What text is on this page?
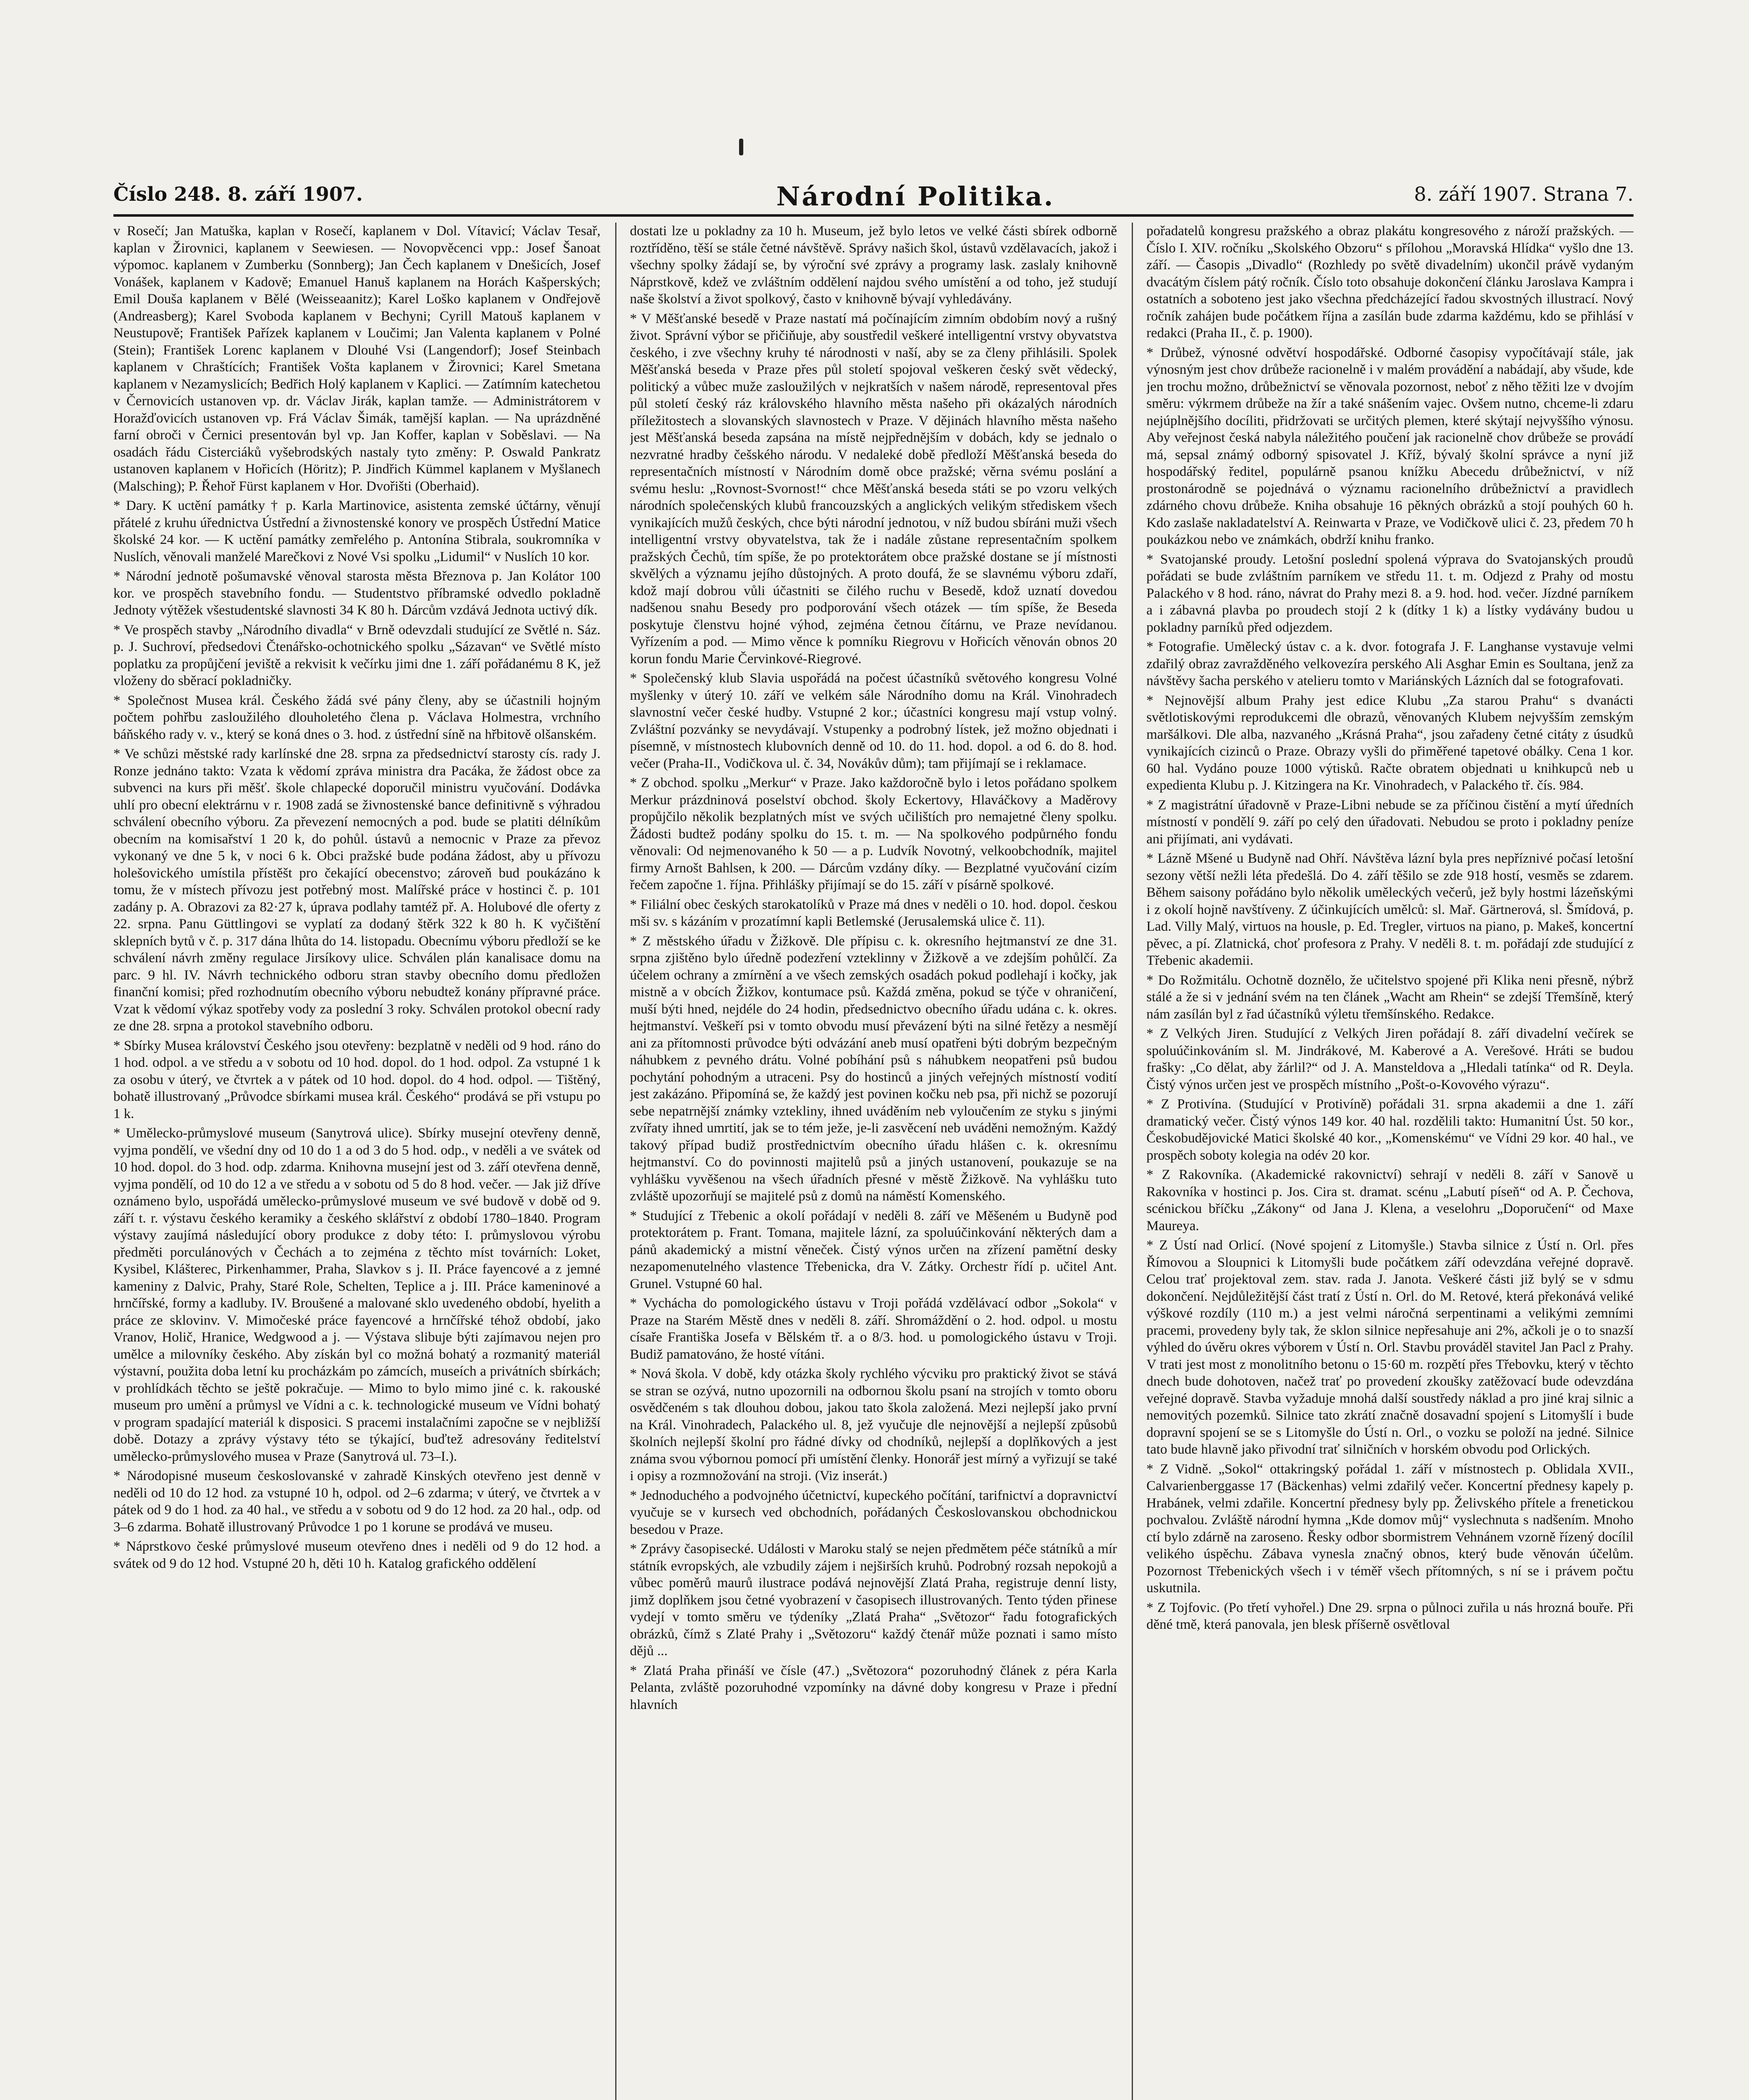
Číslo 248. 8. září 1907.	Národní Politika.	8. září 1907. Strana 7.

v Rosečí; Jan Matuška, kaplan v Rosečí, kaplanem v Dol. Vítavicí; Václav Tesař, kaplan v Žirovnici, kaplanem v Seewiesen. — Novopvěcenci vpp.: Josef Šanoat výpomoc. kaplanem v Zumberku (Sonnberg); Jan Čech kaplanem v Dnešicích, Josef Vonášek, kaplanem v Kadově; Emanuel Hanuš kaplanem na Horách Kašperských; Emil Douša kaplanem v Bělé (Weisseaanitz); Karel Loško kaplanem v Ondřejově (Andreasberg); Karel Svoboda kaplanem v Bechyni; Cyrill Matouš kaplanem v Neustupově; František Pařízek kaplanem v Loučimi; Jan Valenta kaplanem v Polné (Stein); František Lorenc kaplanem v Dlouhé Vsi (Langendorf); Josef Steinbach kaplanem v Chraštících; František Vošta kaplanem v Žirovnici; Karel Smetana kaplanem v Nezamyslicích; Bedřich Holý kaplanem v Kaplici. — Zatímním katechetou v Černovicích ustanoven vp. dr. Václav Jirák, kaplan tamže. — Administrátorem v Horažďovicích ustanoven vp. Frá Václav Šimák, tamější kaplan. — Na uprázdněné farní obroči v Černici presentován byl vp. Jan Koffer, kaplan v Soběslavi. — Na osadách řádu Cisterciáků vyšebrodských nastaly tyto změny: P. Oswald Pankratz ustanoven kaplanem v Hořicích (Höritz); P. Jindřich Kümmel kaplanem v Myšlanech (Malsching); P. Řehoř Fürst kaplanem v Hor. Dvořišti (Oberhaid).

* Dary. K uctění památky † p. Karla Martinovice, asistenta zemské účtárny, věnují přátelé z kruhu úřednictva Ústřední a živnostenské konory ve prospěch Ústřední Matice školské 24 kor. — K uctění památky zemřelého p. Antonína Stibrala, soukromníka v Nuslích, věnovali manželé Marečkovi z Nové Vsi spolku „Lidumil“ v Nuslích 10 kor.

* Národní jednotě pošumavské věnoval starosta města Březnova p. Jan Kolátor 100 kor. ve prospěch stavebního fondu. — Studentstvo příbramské odvedlo pokladně Jednoty výtěžek všestudentské slavnosti 34 K 80 h. Dárcům vzdává Jednota uctivý dík.

* Ve prospěch stavby „Národního divadla“ v Brně odevzdali studující ze Světlé n. Sáz. p. J. Suchroví, předsedovi Čtenářsko-ochotnického spolku „Sázavan“ ve Světlé místo poplatku za propůjčení jeviště a rekvisit k večírku jimi dne 1. září pořádanému 8 K, jež vloženy do sběrací pokladničky.

* Společnost Musea král. Českého žádá své pány členy, aby se účastnili hojným počtem pohřbu zasloužilého dlouholetého člena p. Václava Holmestra, vrchního báňského rady v. v., který se koná dnes o 3. hod. z ústřední síně na hřbitově olšanském.

* Ve schůzi městské rady karlínské dne 28. srpna za předsednictví starosty cís. rady J. Ronze jednáno takto: Vzata k vědomí zpráva ministra dra Pacáka, že žádost obce za subvenci na kurs při měšť. škole chlapecké doporučil ministru vyučování. Dodávka uhlí pro obecní elektrárnu v r. 1908 zadá se živnostenské bance definitivně s výhradou schválení obecního výboru. Za převezení nemocných a pod. bude se platiti délníkům obecním na komisařství 1 20 k, do pohůl. ústavů a nemocnic v Praze za převoz vykonaný ve dne 5 k, v noci 6 k. Obci pražské bude podána žádost, aby u přívozu holešovického umístila přístěšt pro čekající obecenstvo; zároveň bud poukázáno k tomu, že v místech přívozu jest potřebný most. Malířské práce v hostinci č. p. 101 zadány p. A. Obrazovi za 82·27 k, úprava podlahy tamtéž př. A. Holubové dle oferty z 22. srpna. Panu Güttlingovi se vyplatí za dodaný štěrk 322 k 80 h. K vyčištění sklepních bytů v č. p. 317 dána lhůta do 14. listopadu. Obecnímu výboru předloží se ke schválení návrh změny regulace Jirsíkovy ulice. Schválen plán kanalisace domu na parc. 9 hl. IV. Návrh technického odboru stran stavby obecního domu předložen finanční komisi; před rozhodnutím obecního výboru nebudtež konány přípravné práce. Vzat k vědomí výkaz spotřeby vody za poslední 3 roky. Schválen protokol obecní rady ze dne 28. srpna a protokol stavebního odboru.

* Sbírky Musea království Českého jsou otevřeny: bezplatně v neděli od 9 hod. ráno do 1 hod. odpol. a ve středu a v sobotu od 10 hod. dopol. do 1 hod. odpol. Za vstupné 1 k za osobu v úterý, ve čtvrtek a v pátek od 10 hod. dopol. do 4 hod. odpol. — Tištěný, bohatě illustrovaný „Průvodce sbírkami musea král. Českého“ prodává se při vstupu po 1 k.

* Umělecko-průmyslové museum (Sanytrová ulice). Sbírky musejní otevřeny denně, vyjma pondělí, ve všední dny od 10 do 1 a od 3 do 5 hod. odp., v neděli a ve svátek od 10 hod. dopol. do 3 hod. odp. zdarma. Knihovna musejní jest od 3. září otevřena denně, vyjma pondělí, od 10 do 12 a ve středu a v sobotu od 5 do 8 hod. večer. — Jak již dříve oznámeno bylo, uspořádá umělecko-průmyslové museum ve své budově v době od 9. září t. r. výstavu českého keramiky a českého sklářství z období 1780–1840. Program výstavy zaujímá následující obory produkce z doby této: I. průmyslovou výrobu předměti porculánových v Čechách a to zejména z těchto míst továrních: Loket, Kysibel, Klášterec, Pirkenhammer, Praha, Slavkov s j. II. Práce fayencové a z jemné kameniny z Dalvic, Prahy, Staré Role, Schelten, Teplice a j. III. Práce kameninové a hrnčířské, formy a kadluby. IV. Broušené a malované sklo uvedeného období, hyelith a práce ze sklovinv. V. Mimočeské práce fayencové a hrnčířské téhož období, jako Vranov, Holič, Hranice, Wedgwood a j. — Výstava slibuje býti zajímavou nejen pro umělce a milovníky českého. Aby získán byl co možná bohatý a rozmanitý materiál výstavní, použita doba letní ku procházkám po zámcích, museích a privátních sbírkách; v prohlídkách těchto se ještě pokračuje. — Mimo to bylo mimo jiné c. k. rakouské museum pro umění a průmysl ve Vídni a c. k. technologické museum ve Vídni bohatý v program spadající materiál k disposici. S pracemi instalačními započne se v nejbližší době. Dotazy a zprávy výstavy této se týkající, buďtež adresovány ředitelství umělecko-průmyslového musea v Praze (Sanytrová ul. 73–I.).

* Národopisné museum českoslovanské v zahradě Kinských otevřeno jest denně v neděli od 10 do 12 hod. za vstupné 10 h, odpol. od 2–6 zdarma; v úterý, ve čtvrtek a v pátek od 9 do 1 hod. za 40 hal., ve středu a v sobotu od 9 do 12 hod. za 20 hal., odp. od 3–6 zdarma. Bohatě illustrovaný Průvodce 1 po 1 korune se prodává ve museu.

* Náprstkovo české průmyslové museum otevřeno dnes i neděli od 9 do 12 hod. a svátek od 9 do 12 hod. Vstupné 20 h, děti 10 h. Katalog grafického oddělení

dostati lze u pokladny za 10 h. Museum, jež bylo letos ve velké části sbírek odborně roztříděno, těší se stále četné návštěvě. Správy našich škol, ústavů vzdělavacích, jakož i všechny spolky žádají se, by výroční své zprávy a programy lask. zaslaly knihovně Náprstkově, kdež ve zvláštním oddělení najdou svého umístění a od toho, jež studují naše školství a život spolkový, často v knihovně bývají vyhledávány.

* V Měšťanské besedě v Praze nastatí má počínajícím zimním obdobím nový a rušný život. Správní výbor se přičiňuje, aby soustředil veškeré intelligentní vrstvy obyvatstva českého, i zve všechny kruhy té národnosti v naší, aby se za členy přihlásili. Spolek Měšťanská beseda v Praze přes půl století spojoval veškeren český svět vědecký, politický a vůbec muže zasloužilých v nejkratších v našem národě, representoval přes půl století český ráz královského hlavního města našeho při okázalých národních příležitostech a slovanských slavnostech v Praze. V dějinách hlavního města našeho jest Měšťanská beseda zapsána na místě nejpřednějším v dobách, kdy se jednalo o nezvratné hradby češského národu. V nedaleké době předloží Měšťanská beseda do representačních místností v Národním domě obce pražské; věrna svému poslání a svému heslu: „Rovnost-Svornost!“ chce Měšťanská beseda státi se po vzoru velkých národních společenských klubů francouzských a anglických velikým střediskem všech vynikajících mužů českých, chce býti národní jednotou, v níž budou sbíráni muži všech intelligentní vrstvy obyvatelstva, tak že i nadále zůstane representačním spolkem pražských Čechů, tím spíše, že po protektorátem obce pražské dostane se jí místnosti skvělých a významu jejího důstojných. A proto doufá, že se slavnému výboru zdaří, kdož mají dobrou vůli účastniti se čilého ruchu v Besedě, kdož uznatí dovedou nadšenou snahu Besedy pro podporování všech otázek — tím spíše, že Beseda poskytuje členstvu hojné výhod, zejména četnou čítárnu, ve Praze nevídanou. Vyřízením a pod. — Mimo věnce k pomníku Riegrovu v Hořicích věnován obnos 20 korun fondu Marie Červinkové-Riegrové.

* Společenský klub Slavia uspořádá na počest účastníků světového kongresu Volné myšlenky v úterý 10. září ve velkém sále Národního domu na Král. Vinohradech slavnostní večer české hudby. Vstupné 2 kor.; účastníci kongresu mají vstup volný. Zvláštní pozvánky se nevydávají. Vstupenky a podrobný lístek, jež možno objednati i písemně, v místnostech klubovních denně od 10. do 11. hod. dopol. a od 6. do 8. hod. večer (Praha-II., Vodičkova ul. č. 34, Novákův dům); tam přijímají se i reklamace.

* Z obchod. spolku „Merkur“ v Praze. Jako každoročně bylo i letos pořádano spolkem Merkur prázdninová poselství obchod. školy Eckertovy, Hlaváčkovy a Maděrovy propůjčilo několik bezplatných míst ve svých učilištích pro nemajetné členy spolku. Žádosti budtež podány spolku do 15. t. m. — Na spolkového podpůrného fondu věnovali: Od nejmenovaného k 50 — a p. Ludvík Novotný, velkoobchodník, majitel firmy Arnošt Bahlsen, k 200. — Dárcům vzdány díky. — Bezplatné vyučování cizím řečem započne 1. října. Přihlášky přijímají se do 15. září v písárně spolkové.

* Filiální obec českých starokatolíků v Praze má dnes v neděli o 10. hod. dopol. českou mši sv. s kázáním v prozatímní kapli Betlemské (Jerusalemská ulice č. 11).

* Z městského úřadu v Žižkově. Dle přípisu c. k. okresního hejtmanství ze dne 31. srpna zjištěno bylo úředně podezření vzteklinny v Žižkově a ve zdejším pohůlčí. Za účelem ochrany a zmírnění a ve všech zemských osadách pokud podlehají i kočky, jak mistně a v obcích Žižkov, kontumace psů. Každá změna, pokud se týče v ohraničení, muší býti hned, nejdéle do 24 hodin, předsednictvo obecního úřadu udána c. k. okres. hejtmanství. Veškeří psi v tomto obvodu musí převázení býti na silné řetězy a nesmějí ani za přítomnosti průvodce býti odvázání aneb musí opatřeni býti dobrým bezpečným náhubkem z pevného drátu. Volné pobíhání psů s náhubkem neopatřeni psů budou pochytání pohodným a utraceni. Psy do hostinců a jiných veřejných místností vodití jest zakázáno. Připomíná se, že každý jest povinen kočku neb psa, při nichž se pozorují sebe nepatrnější známky vztekliny, ihned uváděním neb vyloučením ze styku s jinými zvířaty ihned umrtití, jak se to tém ježe, je-li zasvěcení neb uváděni nemožným. Každý takový případ budiž prostřednictvím obecního úřadu hlášen c. k. okresnímu hejtmanství. Co do povinnosti majitelů psů a jiných ustanovení, poukazuje se na vyhlášku vyvěšenou na všech úřadních přesné v městě Žižkově. Na vyhlášku tuto zvláště upozorňují se majitelé psů z domů na náměstí Komenského.

* Studující z Třebenic a okolí pořádají v neděli 8. září ve Měšeném u Budyně pod protektorátem p. Frant. Tomana, majitele lázní, za spoluúčinkování některých dam a pánů akademický a mistní věneček. Čistý výnos určen na zřízení pamětní desky nezapomenutelného vlastence Třebenicka, dra V. Zátky. Orchestr řídí p. učitel Ant. Grunel. Vstupné 60 hal.

* Vychácha do pomologického ústavu v Troji pořádá vzdělávací odbor „Sokola“ v Praze na Starém Městě dnes v neděli 8. září. Shromáždění o 2. hod. odpol. u mostu císaře Františka Josefa v Bělském tř. a o 8/3. hod. u pomologického ústavu v Troji. Budiž pamatováno, že hosté vítáni.

* Nová škola. V době, kdy otázka školy rychlého výcviku pro praktický život se stává se stran se ozývá, nutno upozornili na odbornou školu psaní na strojích v tomto oboru osvědčeném s tak dlouhou dobou, jakou tato škola založená. Mezi nejlepší jako první na Král. Vinohradech, Palackého ul. 8, jež vyučuje dle nejnovější a nejlepší způsobů školních nejlepší školní pro řádné dívky od chodníků, nejlepší a doplňkových a jest známa svou výbornou pomocí při umístění členky. Honorář jest mírný a vyřizují se také i opisy a rozmnožování na stroji. (Viz inserát.)

* Jednoduchého a podvojného účetnictví, kupeckého počítání, tarifnictví a dopravnictví vyučuje se v kursech ved obchodních, pořádaných Českoslovanskou obchodnickou besedou v Praze.

* Zprávy časopisecké. Události v Maroku stalý se nejen předmětem péče státníků a mír státník evropských, ale vzbudily zájem i nejširších kruhů. Podrobný rozsah nepokojů a vůbec poměrů maurů ilustrace podává nejnovější Zlatá Praha, registruje denní listy, jimž doplňkem jsou četné vyobrazení v časopisech illustrovaných. Tento týden přinese vydejí v tomto směru ve týdeníky „Zlatá Praha“ „Světozor“ řadu fotografických obrázků, čímž s Zlaté Prahy i „Světozoru“ každý čtenář může poznati i samo místo dějů ...

* Zlatá Praha přináší ve čísle (47.) „Světozora“ pozoruhodný článek z péra Karla Pelanta, zvláště pozoruhodné vzpomínky na dávné doby kongresu v Praze i přední hlavních

pořadatelů kongresu pražského a obraz plakátu kongresového z nároží pražských. — Číslo I. XIV. ročníku „Skolského Obzoru“ s přílohou „Moravská Hlídka“ vyšlo dne 13. září. — Časopis „Divadlo“ (Rozhledy po světě divadelním) ukončil právě vydaným dvacátým číslem pátý ročník. Číslo toto obsahuje dokončení článku Jaroslava Kampra i ostatních a soboteno jest jako všechna předcházející řadou skvostných illustrací. Nový ročník zahájen bude počátkem října a zasílán bude zdarma každému, kdo se přihlásí v redakci (Praha II., č. p. 1900).

* Drůbež, výnosné odvětví hospodářské. Odborné časopisy vypočítávají stále, jak výnosným jest chov drůbeže racionelně i v malém provádění a nabádají, aby všude, kde jen trochu možno, drůbežnictví se věnovala pozornost, neboť z něho těžiti lze v dvojím směru: výkrmem drůbeže na žír a také snášením vajec. Ovšem nutno, chceme-li zdaru nejúplnějšího docíliti, přidržovati se určitých plemen, které skýtají nejvyššího výnosu. Aby veřejnost česká nabyla náležitého poučení jak racionelně chov drůbeže se provádí má, sepsal známý odborný spisovatel J. Kříž, bývalý školní správce a nyní již hospodářský ředitel, populárně psanou knížku Abecedu drůbežnictví, v níž prostonárodně se pojednává o významu racionelního drůbežnictví a pravidlech zdárného chovu drůbeže. Kniha obsahuje 16 pěkných obrázků a stojí pouhých 60 h. Kdo zaslaše nakladatelství A. Reinwarta v Praze, ve Vodičkově ulici č. 23, předem 70 h poukázkou nebo ve známkách, obdrží knihu franko.

* Svatojanské proudy. Letošní poslední spolená výprava do Svatojanských proudů pořádati se bude zvláštním parníkem ve středu 11. t. m. Odjezd z Prahy od mostu Palackého v 8 hod. ráno, návrat do Prahy mezi 8. a 9. hod. hod. večer. Jízdné parníkem a i zábavná plavba po proudech stojí 2 k (dítky 1 k) a lístky vydávány budou u pokladny parníků před odjezdem.

* Fotografie. Umělecký ústav c. a k. dvor. fotografa J. F. Langhanse vystavuje velmi zdařilý obraz zavražděného velkovezíra perského Ali Asghar Emin es Soultana, jenž za návštěvy šacha perského v atelieru tomto v Mariánských Lázních dal se fotografovati.

* Nejnovější album Prahy jest edice Klubu „Za starou Prahu“ s dvanácti světlotiskovými reprodukcemi dle obrazů, věnovaných Klubem nejvyšším zemským maršálkovi. Dle alba, nazvaného „Krásná Praha“, jsou zařadeny četné citáty z úsudků vynikajících cizinců o Praze. Obrazy vyšli do přiměřené tapetové obálky. Cena 1 kor. 60 hal. Vydáno pouze 1000 výtisků. Račte obratem objednati u knihkupců neb u expedienta Klubu p. J. Kitzingera na Kr. Vinohradech, v Palackého tř. čís. 984.

* Z magistrátní úřadovně v Praze-Libni nebude se za příčinou čistění a mytí úředních místností v pondělí 9. září po celý den úřadovati. Nebudou se proto i pokladny peníze ani přijímati, ani vydávati.

* Lázně Mšené u Budyně nad Ohří. Návštěva lázní byla pres nepříznivé počasí letošní sezony větší nežli léta předešlá. Do 4. září těšilo se zde 918 hostí, vesměs se zdarem. Během saisony pořádáno bylo několik uměleckých večerů, jež byly hostmi lázeňskými i z okolí hojně navštíveny. Z účinkujících umělců: sl. Mař. Gärtnerová, sl. Šmídová, p. Lad. Villy Malý, virtuos na housle, p. Ed. Tregler, virtuos na piano, p. Makeš, koncertní pěvec, a pí. Zlatnická, choť profesora z Prahy. V neděli 8. t. m. pořádají zde studující z Třebenic akademii.

* Do Rožmitálu. Ochotně doznělo, že učitelstvo spojené při Klika neni přesně, nýbrž stálé a že si v jednání svém na ten článek „Wacht am Rhein“ se zdejší Třemšíně, který nám zasílán byl z řad účastníků výletu třemšínského. Redakce.

* Z Velkých Jiren. Studující z Velkých Jiren pořádají 8. září divadelní večírek se spoluúčinkováním sl. M. Jindrákové, M. Kaberové a A. Verešové. Hráti se budou frašky: „Co dělat, aby žárlil?“ od J. A. Mansteldova a „Hledali tatínka“ od R. Deyla. Čistý výnos určen jest ve prospěch místního „Pošt-o-Kovového výrazu“.

* Z Protivína. (Studující v Protivíně) pořádali 31. srpna akademii a dne 1. září dramatický večer. Čistý výnos 149 kor. 40 hal. rozdělili takto: Humanitní Úst. 50 kor., Českobudějovické Matici školské 40 kor., „Komenskému“ ve Vídni 29 kor. 40 hal., ve prospěch soboty kolegia na odév 20 kor.

* Z Rakovníka. (Akademické rakovnictví) sehrají v neděli 8. září v Sanově u Rakovníka v hostinci p. Jos. Cira st. dramat. scénu „Labutí píseň“ od A. P. Čechova, scénickou bříčku „Zákony“ od Jana J. Klena, a veselohru „Doporučení“ od Maxe Maureya.

* Z Ústí nad Orlicí. (Nové spojení z Litomyšle.) Stavba silnice z Ústí n. Orl. přes Římovou a Sloupnici k Litomyšli bude počátkem září odevzdána veřejné dopravě. Celou trať projektoval zem. stav. rada J. Janota. Veškeré části již bylý se v sdmu dokončení. Nejdůležitější část tratí z Ústí n. Orl. do M. Retové, která překonává veliké výškové rozdíly (110 m.) a jest velmi náročná serpentinami a velikými zemními pracemi, provedeny byly tak, že sklon silnice nepřesahuje ani 2%, ačkoli je o to snazší výhled do úvěru okres výborem v Ústí n. Orl. Stavbu prováděl stavitel Jan Pacl z Prahy. V trati jest most z monolitního betonu o 15·60 m. rozpětí přes Třebovku, který v těchto dnech bude dohotoven, načež trať po provedení zkoušky zatěžovací bude odevzdána veřejné dopravě. Stavba vyžaduje mnohá další soustředy náklad a pro jiné kraj silnic a nemovitých pozemků. Silnice tato zkrátí značně dosavadní spojení s Litomyšlí i bude dopravní spojení se se s Litomyšle do Ústí n. Orl., o vozku se položí na jedné. Silnice tato bude hlavně jako přivodní trať silničních v horském obvodu pod Orlických.

* Z Vidně. „Sokol“ ottakringský pořádal 1. září v místnostech p. Oblidala XVII., Calvarienberggasse 17 (Bäckenhas) velmi zdařilý večer. Koncertní přednesy kapely p. Hrabánek, velmi zdařile. Koncertní přednesy byly pp. Želivského přítele a frenetickou pochvalou. Zvláště národní hymna „Kde domov můj“ vyslechnuta s nadšením. Mnoho ctí bylo zdárně na zaroseno. Řesky odbor sbormistrem Vehnánem vzorně řízený docílil velikého úspěchu. Zábava vynesla značný obnos, který bude věnován účelům. Pozornost Třebenických všech i v téměř všech přítomných, s ní se i právem počtu uskutnila.

* Z Tojfovic. (Po třetí vyhořel.) Dne 29. srpna o půlnoci zuřila u nás hrozná bouře. Při děné tmě, která panovala, jen blesk příšerně osvětloval
